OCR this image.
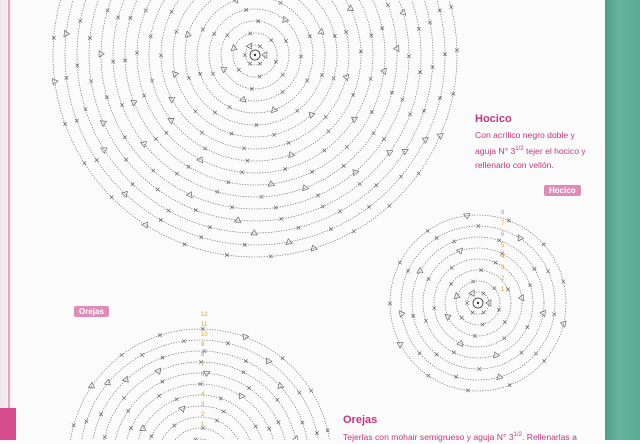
8
7
6
5
4
3
2
1
12
11
10
9
8
7
6
5
4
3
2
1
Hocico
Con acrílico negro doble y
aguja N° $3^{1/2}$ tejer el hocico y
rellenarlo con vellón.
Hocico
Orejas
Orejas
Tejerlas con mohair semigrueso y aguja N° $3^{1/2}$. Rellenarlas a
